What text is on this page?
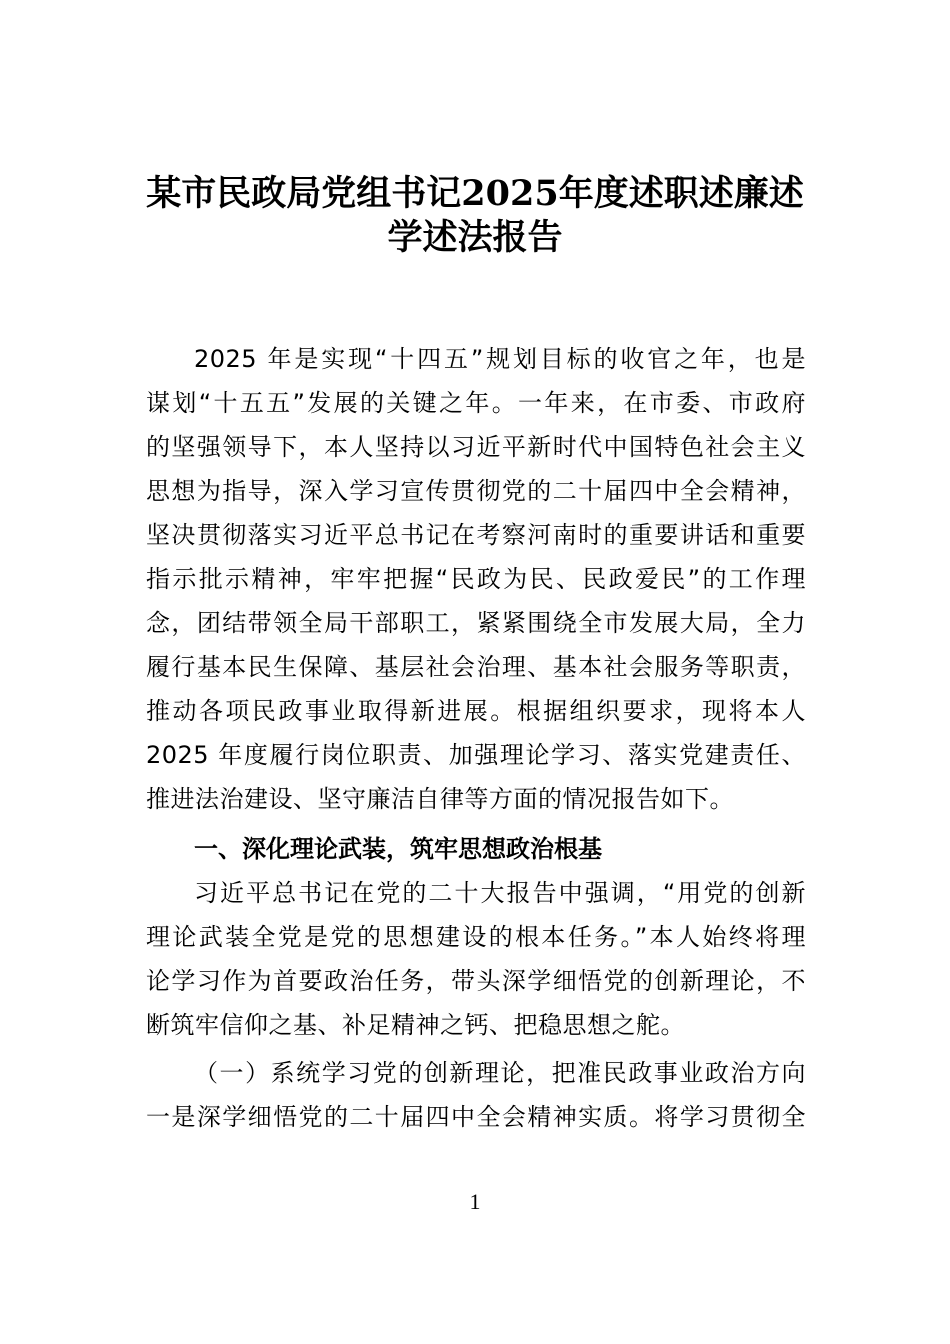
某市民政局党组书记2025年度述职述廉述
学述法报告
2025 年是实现“十四五”规划目标的收官之年，也是
谋划“十五五”发展的关键之年。一年来，在市委、市政府
的坚强领导下，本人坚持以习近平新时代中国特色社会主义
思想为指导，深入学习宣传贯彻党的二十届四中全会精神，
坚决贯彻落实习近平总书记在考察河南时的重要讲话和重要
指示批示精神，牢牢把握“民政为民、民政爱民”的工作理
念，团结带领全局干部职工，紧紧围绕全市发展大局，全力
履行基本民生保障、基层社会治理、基本社会服务等职责，
推动各项民政事业取得新进展。根据组织要求，现将本人
2025 年度履行岗位职责、加强理论学习、落实党建责任、
推进法治建设、坚守廉洁自律等方面的情况报告如下。
一、深化理论武装，筑牢思想政治根基
习近平总书记在党的二十大报告中强调，“用党的创新
理论武装全党是党的思想建设的根本任务。”本人始终将理
论学习作为首要政治任务，带头深学细悟党的创新理论，不
断筑牢信仰之基、补足精神之钙、把稳思想之舵。
（一）系统学习党的创新理论，把准民政事业政治方向
一是深学细悟党的二十届四中全会精神实质。将学习贯彻全
1
